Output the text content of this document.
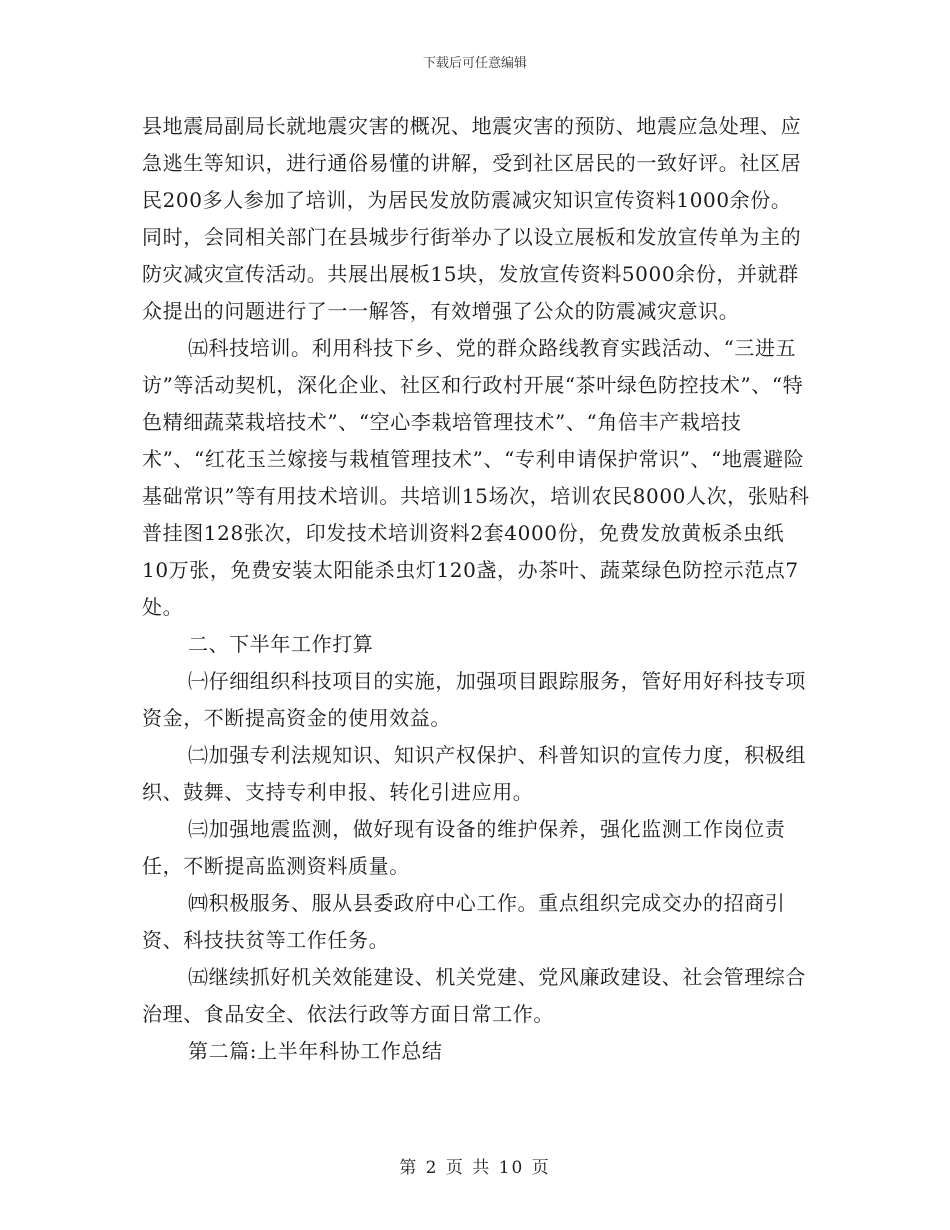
下载后可任意编辑

县地震局副局长就地震灾害的概况、地震灾害的预防、地震应急处理、应急逃生等知识，进行通俗易懂的讲解，受到社区居民的一致好评。社区居民200多人参加了培训，为居民发放防震减灾知识宣传资料1000余份。同时，会同相关部门在县城步行街举办了以设立展板和发放宣传单为主的防灾减灾宣传活动。共展出展板15块，发放宣传资料5000余份，并就群众提出的问题进行了一一解答，有效增强了公众的防震减灾意识。

㈤科技培训。利用科技下乡、党的群众路线教育实践活动、“三进五访”等活动契机，深化企业、社区和行政村开展“茶叶绿色防控技术”、“特色精细蔬菜栽培技术”、“空心李栽培管理技术”、“角倍丰产栽培技术”、“红花玉兰嫁接与栽植管理技术”、“专利申请保护常识”、“地震避险基础常识”等有用技术培训。共培训15场次，培训农民8000人次，张贴科普挂图128张次，印发技术培训资料2套4000份，免费发放黄板杀虫纸10万张，免费安装太阳能杀虫灯120盏，办茶叶、蔬菜绿色防控示范点7处。

二、下半年工作打算

㈠仔细组织科技项目的实施，加强项目跟踪服务，管好用好科技专项资金，不断提高资金的使用效益。

㈡加强专利法规知识、知识产权保护、科普知识的宣传力度，积极组织、鼓舞、支持专利申报、转化引进应用。

㈢加强地震监测，做好现有设备的维护保养，强化监测工作岗位责任，不断提高监测资料质量。

㈣积极服务、服从县委政府中心工作。重点组织完成交办的招商引资、科技扶贫等工作任务。

㈤继续抓好机关效能建设、机关党建、党风廉政建设、社会管理综合治理、食品安全、依法行政等方面日常工作。

第二篇:上半年科协工作总结

第 2 页 共 10 页
